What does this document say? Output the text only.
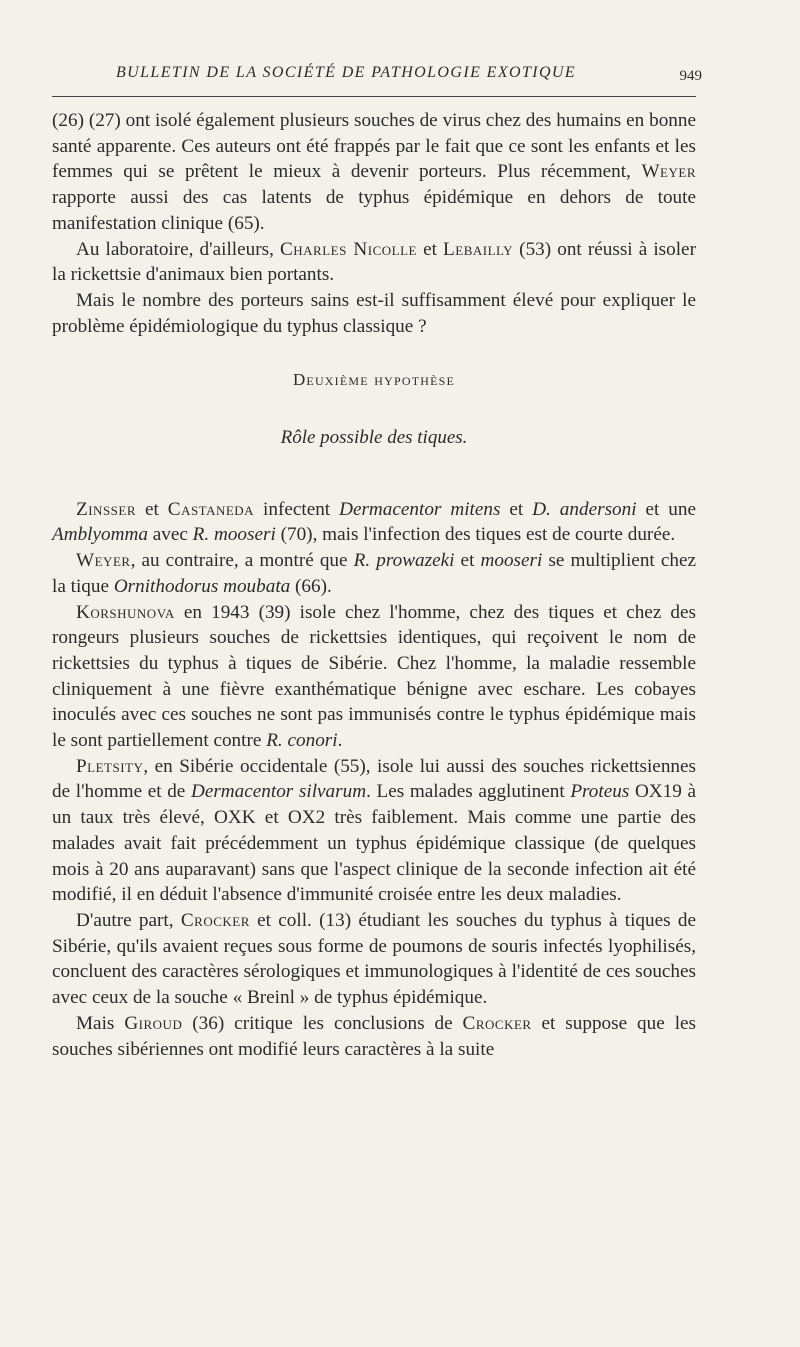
BULLETIN DE LA SOCIÉTÉ DE PATHOLOGIE EXOTIQUE	949

(26) (27) ont isolé également plusieurs souches de virus chez des humains en bonne santé apparente. Ces auteurs ont été frappés par le fait que ce sont les enfants et les femmes qui se prêtent le mieux à devenir porteurs. Plus récemment, Weyer rapporte aussi des cas latents de typhus épidémique en dehors de toute manifestation clinique (65).

Au laboratoire, d'ailleurs, Charles Nicolle et Lebailly (53) ont réussi à isoler la rickettsie d'animaux bien portants.

Mais le nombre des porteurs sains est-il suffisamment élevé pour expliquer le problème épidémiologique du typhus classique ?

Deuxième hypothèse
Rôle possible des tiques.

Zinsser et Castaneda infectent Dermacentor mitens et D. andersoni et une Amblyomma avec R. mooseri (70), mais l'infection des tiques est de courte durée.

Weyer, au contraire, a montré que R. prowazeki et mooseri se multiplient chez la tique Ornithodorus moubata (66).

Korshunova en 1943 (39) isole chez l'homme, chez des tiques et chez des rongeurs plusieurs souches de rickettsies identiques, qui reçoivent le nom de rickettsies du typhus à tiques de Sibérie. Chez l'homme, la maladie ressemble cliniquement à une fièvre exanthématique bénigne avec eschare. Les cobayes inoculés avec ces souches ne sont pas immunisés contre le typhus épidémique mais le sont partiellement contre R. conori.

Pletsity, en Sibérie occidentale (55), isole lui aussi des souches rickettsiennes de l'homme et de Dermacentor silvarum. Les malades agglutinent Proteus OX19 à un taux très élevé, OXK et OX2 très faiblement. Mais comme une partie des malades avait fait précédemment un typhus épidémique classique (de quelques mois à 20 ans auparavant) sans que l'aspect clinique de la seconde infection ait été modifié, il en déduit l'absence d'immunité croisée entre les deux maladies.

D'autre part, Crocker et coll. (13) étudiant les souches du typhus à tiques de Sibérie, qu'ils avaient reçues sous forme de poumons de souris infectés lyophilisés, concluent des caractères sérologiques et immunologiques à l'identité de ces souches avec ceux de la souche « Breinl » de typhus épidémique.

Mais Giroud (36) critique les conclusions de Crocker et suppose que les souches sibériennes ont modifié leurs caractères à la suite
